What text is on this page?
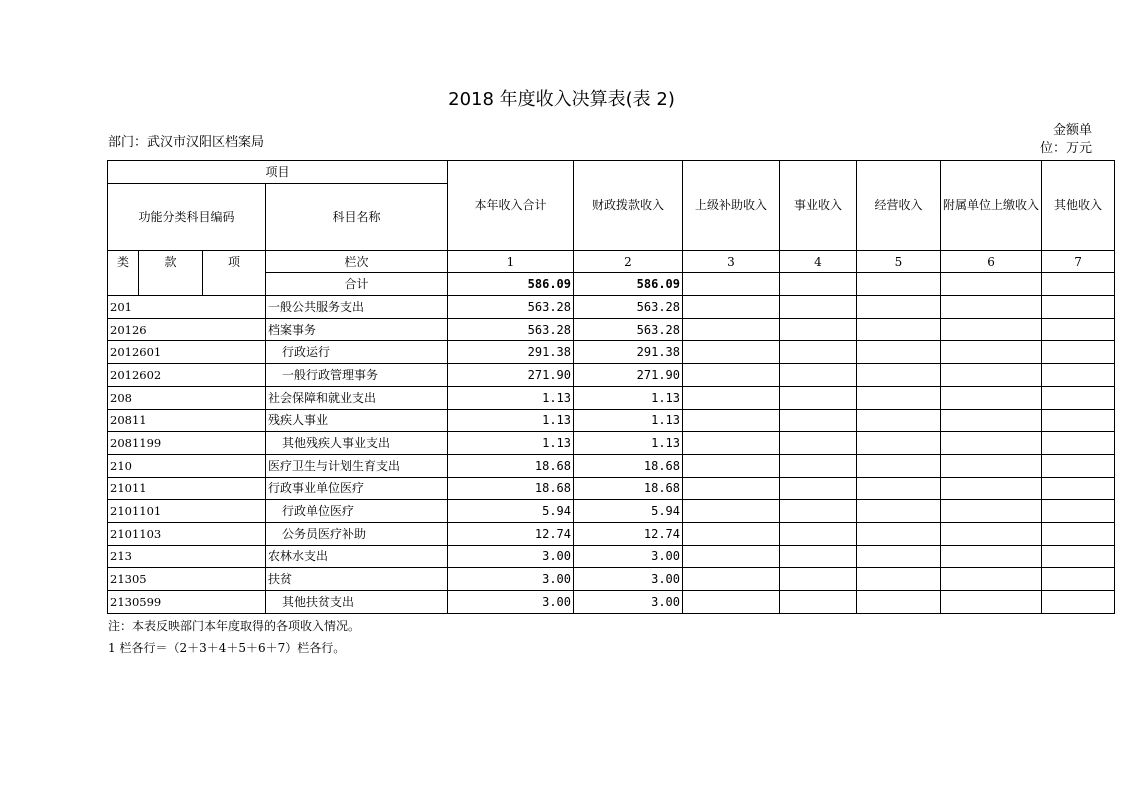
2018 年度收入决算表(表 2)
部门：武汉市汉阳区档案局
金额单
位：万元
项目				本年收入合计	财政拨款收入	上级补助收入	事业收入	经营收入	附属单位上缴收入	其他收入
功能分类科目编码			科目名称							
类	款	项	栏次	1	2	3	4	5	6	7
			合计	586.09	586.09					
201			一般公共服务支出	563.28	563.28					
20126			档案事务	563.28	563.28					
2012601			行政运行	291.38	291.38					
2012602			一般行政管理事务	271.90	271.90					
208			社会保障和就业支出	1.13	1.13					
20811			残疾人事业	1.13	1.13					
2081199			其他残疾人事业支出	1.13	1.13					
210			医疗卫生与计划生育支出	18.68	18.68					
21011			行政事业单位医疗	18.68	18.68					
2101101			行政单位医疗	5.94	5.94					
2101103			公务员医疗补助	12.74	12.74					
213			农林水支出	3.00	3.00					
21305			扶贫	3.00	3.00					
2130599			其他扶贫支出	3.00	3.00					
注：本表反映部门本年度取得的各项收入情况。
1 栏各行＝（2＋3＋4＋5＋6＋7）栏各行。
